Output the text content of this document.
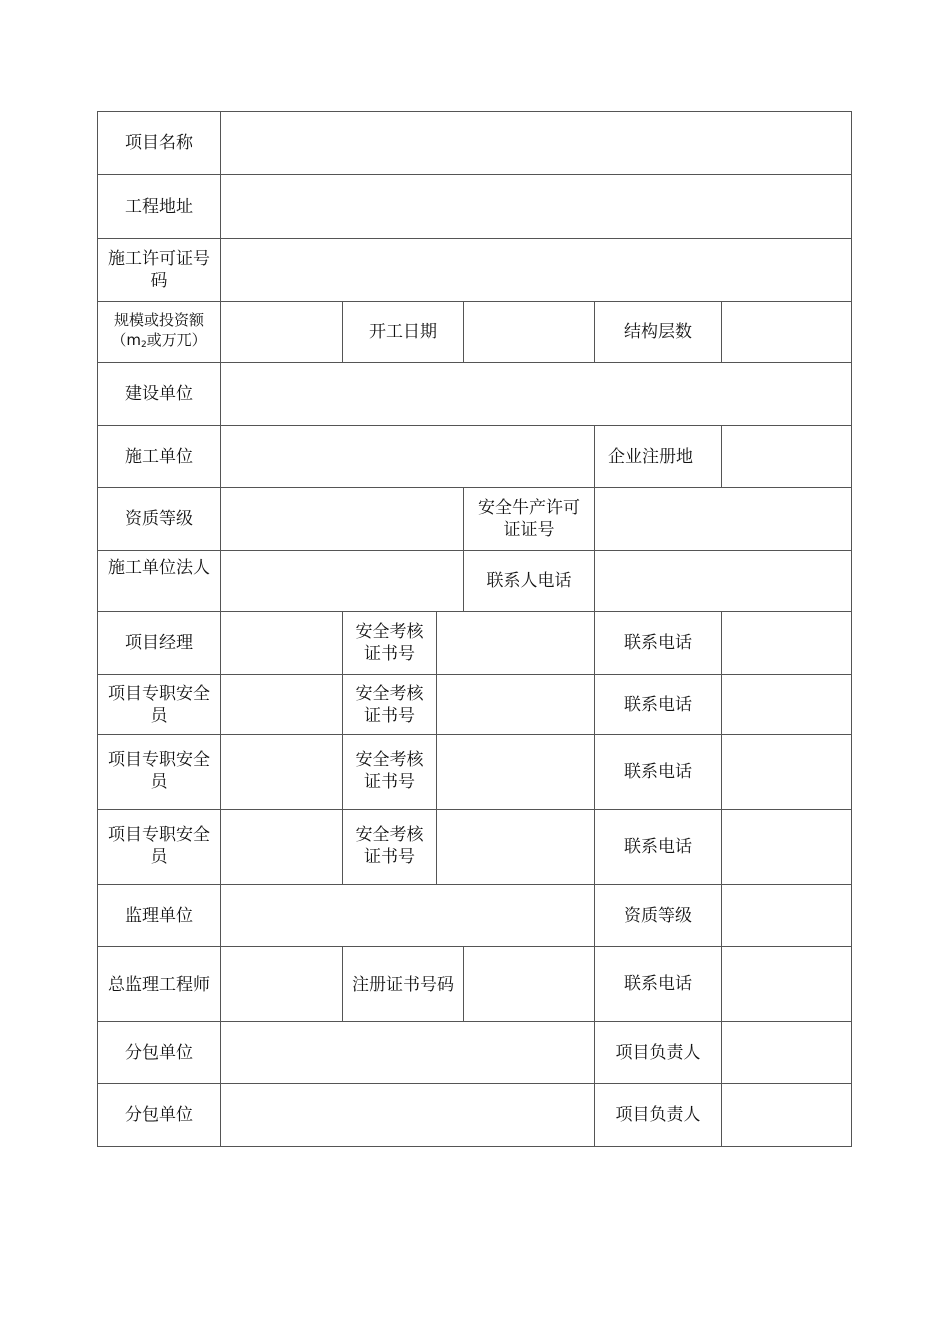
项目名称						
工程地址						
施工许可证号码						
规模或投资额
（$m_2$或万兀）		开工日期			结构层数	
建设单位						
施工单位					企业注册地	
资质等级				安全牛产许可证证号		
施工单位法人				联系人电话		
项目经理		安全考核证书号			联系电话	
项目专职安全员		安全考核证书号			联系电话	
项目专职安全员		安全考核证书号			联系电话	
项目专职安全员		安全考核证书号			联系电话	
监理单位					资质等级	
总监理工程师		注册证书号码			联系电话	
分包单位					项目负责人	
分包单位					项目负责人	
